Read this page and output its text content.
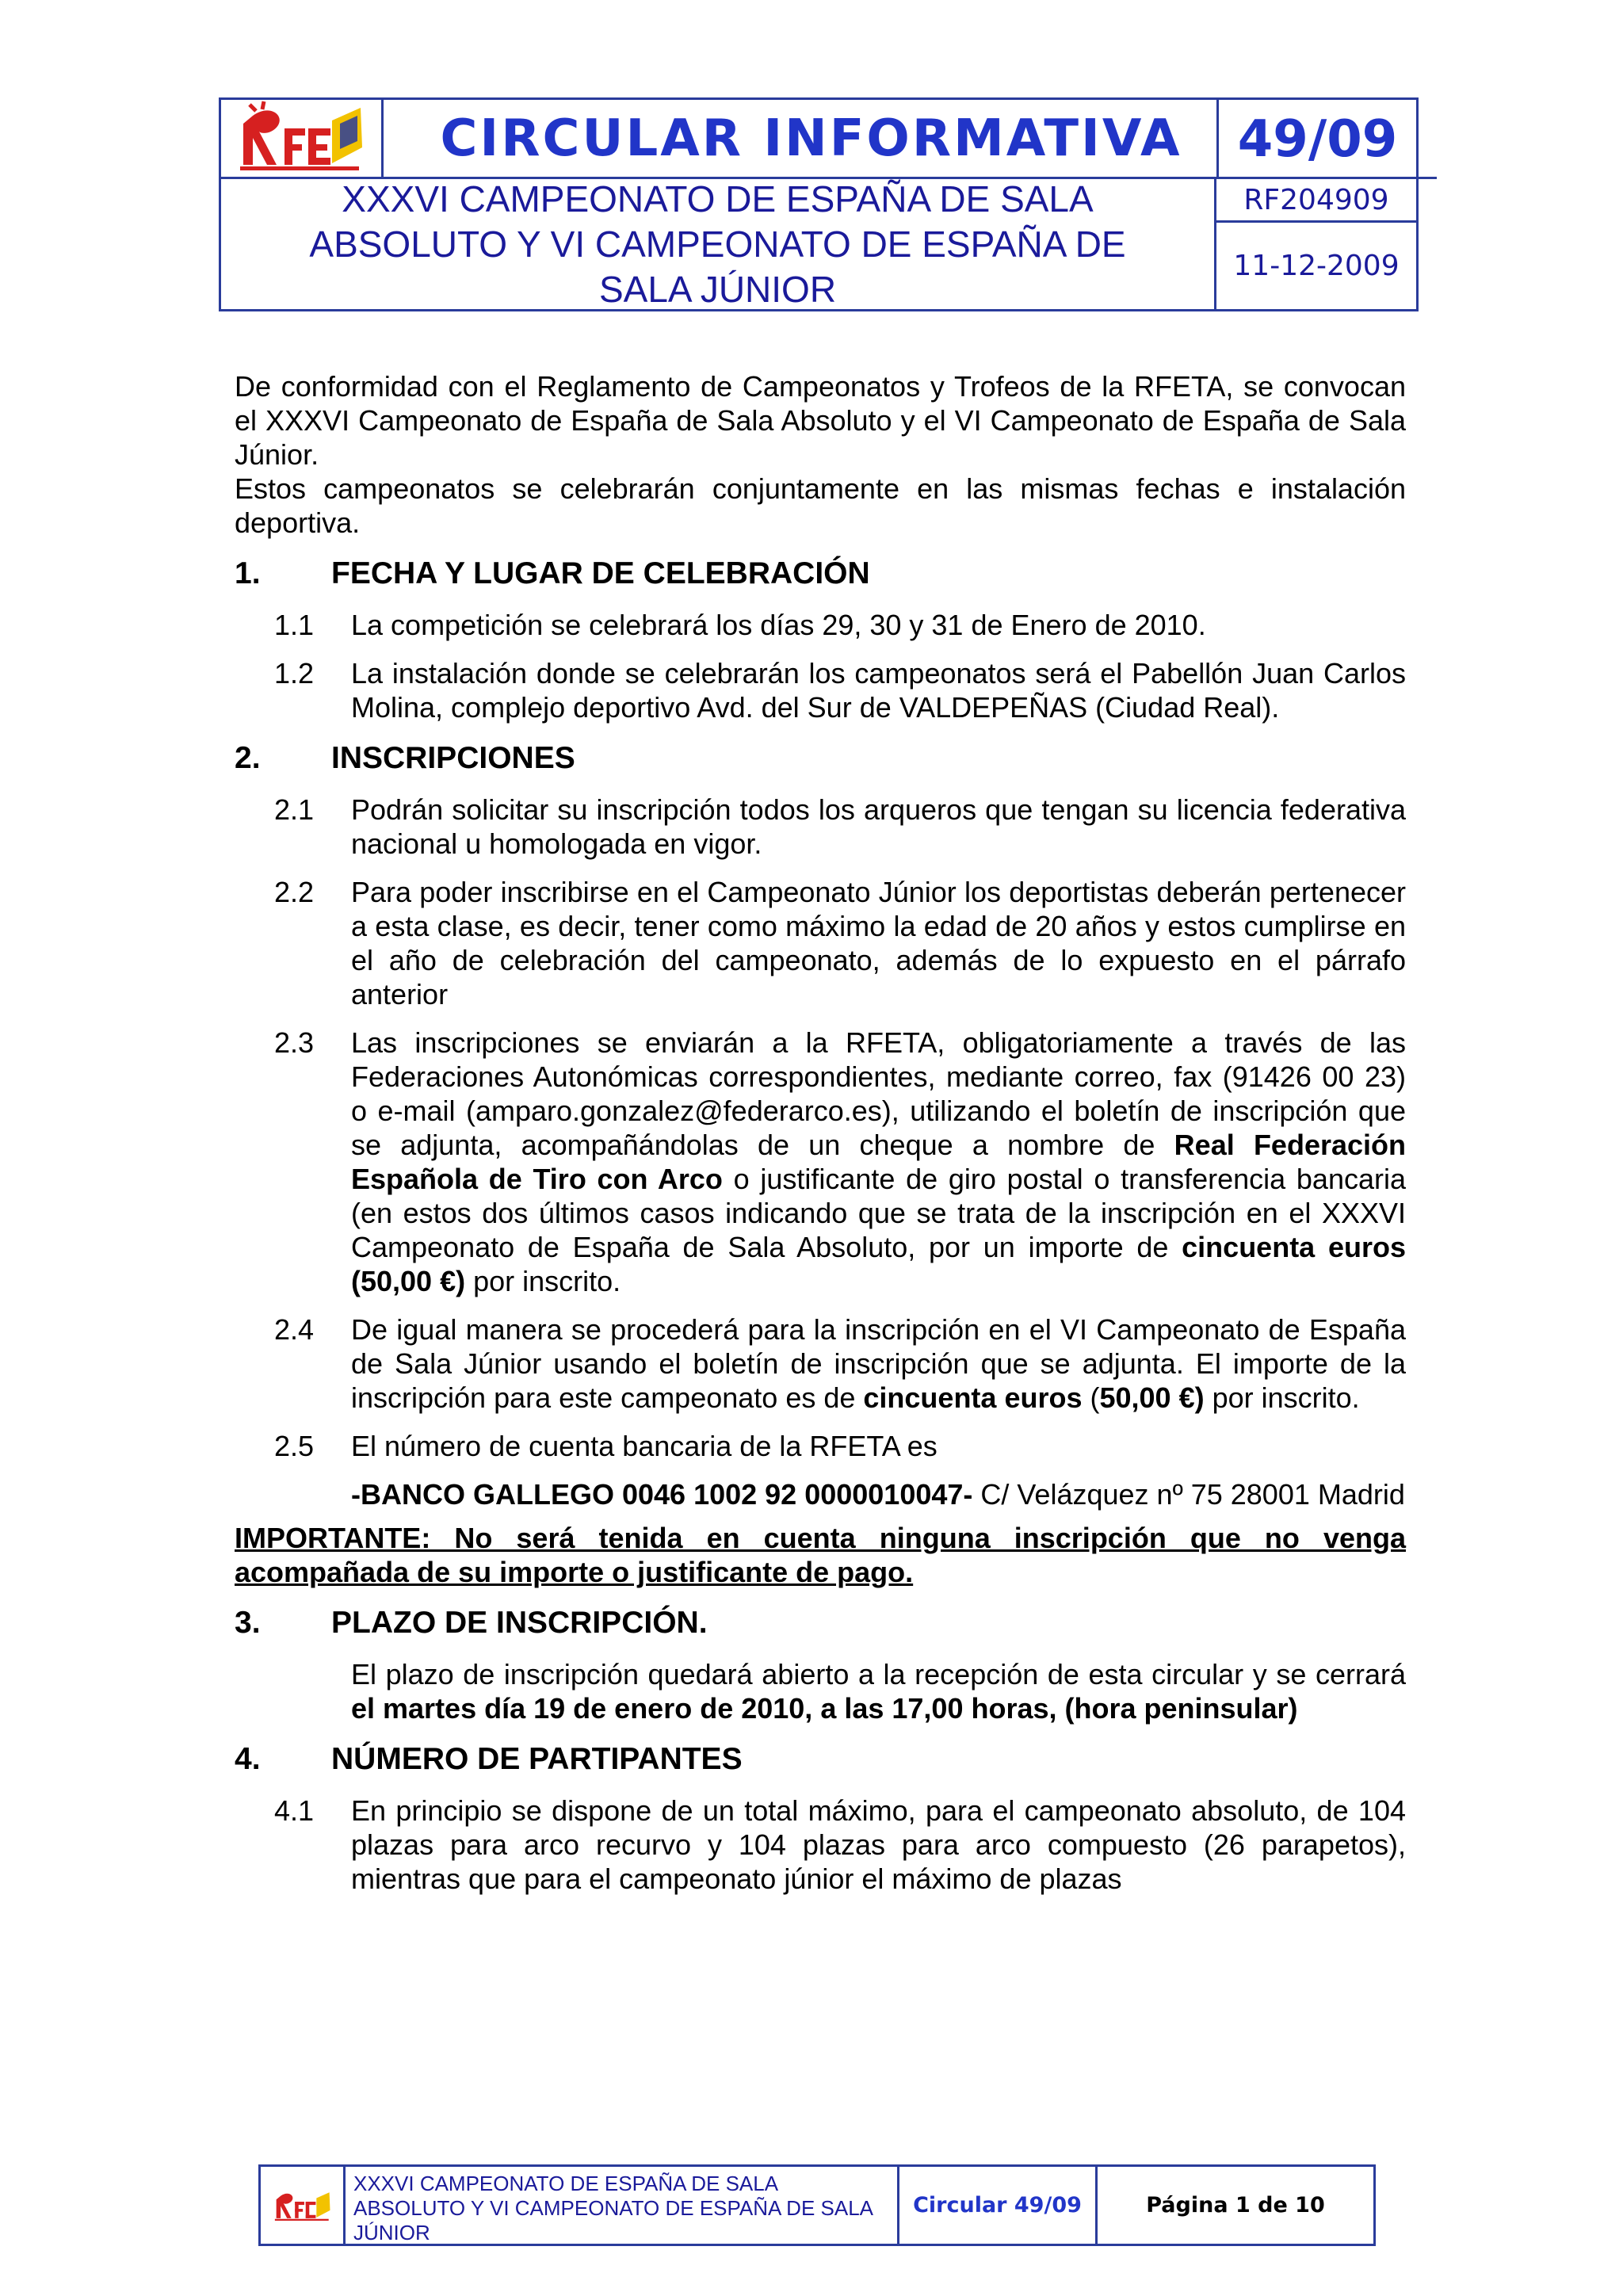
CIRCULAR INFORMATIVA	49/09
XXXVI CAMPEONATO DE ESPAÑA DE SALA ABSOLUTO Y VI CAMPEONATO DE ESPAÑA DE SALA JÚNIOR
RF204909
11-12-2009

De conformidad con el Reglamento de Campeonatos y Trofeos de la RFETA, se convocan el XXXVI Campeonato de España de Sala Absoluto y el VI Campeonato de España de Sala Júnior.

Estos campeonatos se celebrarán conjuntamente en las mismas fechas e instalación deportiva.

1.	FECHA Y LUGAR DE CELEBRACIÓN
1.1	La competición se celebrará los días 29, 30 y 31 de Enero de 2010.
1.2	La instalación donde se celebrarán los campeonatos será el Pabellón Juan Carlos Molina, complejo deportivo Avd. del Sur de VALDEPEÑAS (Ciudad Real).
2.	INSCRIPCIONES
2.1	Podrán solicitar su inscripción todos los arqueros que tengan su licencia federativa nacional u homologada en vigor.
2.2	Para poder inscribirse en el Campeonato Júnior los deportistas deberán pertenecer a esta clase, es decir, tener como máximo la edad de 20 años y estos cumplirse en el año de celebración del campeonato, además de lo expuesto en el párrafo anterior
2.3	Las inscripciones se enviarán a la RFETA, obligatoriamente a través de las Federaciones Autonómicas correspondientes, mediante correo, fax (91426 00 23) o e-mail (amparo.gonzalez@federarco.es), utilizando el boletín de inscripción que se adjunta, acompañándolas de un cheque a nombre de Real Federación Española de Tiro con Arco o justificante de giro postal o transferencia bancaria (en estos dos últimos casos indicando que se trata de la inscripción en el XXXVI Campeonato de España de Sala Absoluto, por un importe de cincuenta euros (50,00 €) por inscrito.
2.4	De igual manera se procederá para la inscripción en el VI Campeonato de España de Sala Júnior usando el boletín de inscripción que se adjunta. El importe de la inscripción para este campeonato es de cincuenta euros (50,00 €) por inscrito.
2.5	El número de cuenta bancaria de la RFETA es
-BANCO GALLEGO 0046 1002 92 0000010047- C/ Velázquez nº 75 28001 Madrid
IMPORTANTE: No será tenida en cuenta ninguna inscripción que no venga acompañada de su importe o justificante de pago.
3.	PLAZO DE INSCRIPCIÓN.
El plazo de inscripción quedará abierto a la recepción de esta circular y se cerrará el martes día 19 de enero de 2010, a las 17,00 horas, (hora peninsular)
4.	NÚMERO DE PARTIPANTES
4.1	En principio se dispone de un total máximo, para el campeonato absoluto, de 104 plazas para arco recurvo y 104 plazas para arco compuesto (26 parapetos), mientras que para el campeonato júnior el máximo de plazas
XXXVI CAMPEONATO DE ESPAÑA DE SALA ABSOLUTO Y VI CAMPEONATO DE ESPAÑA DE SALA JÚNIOR
Circular 49/09	Página 1 de 10
